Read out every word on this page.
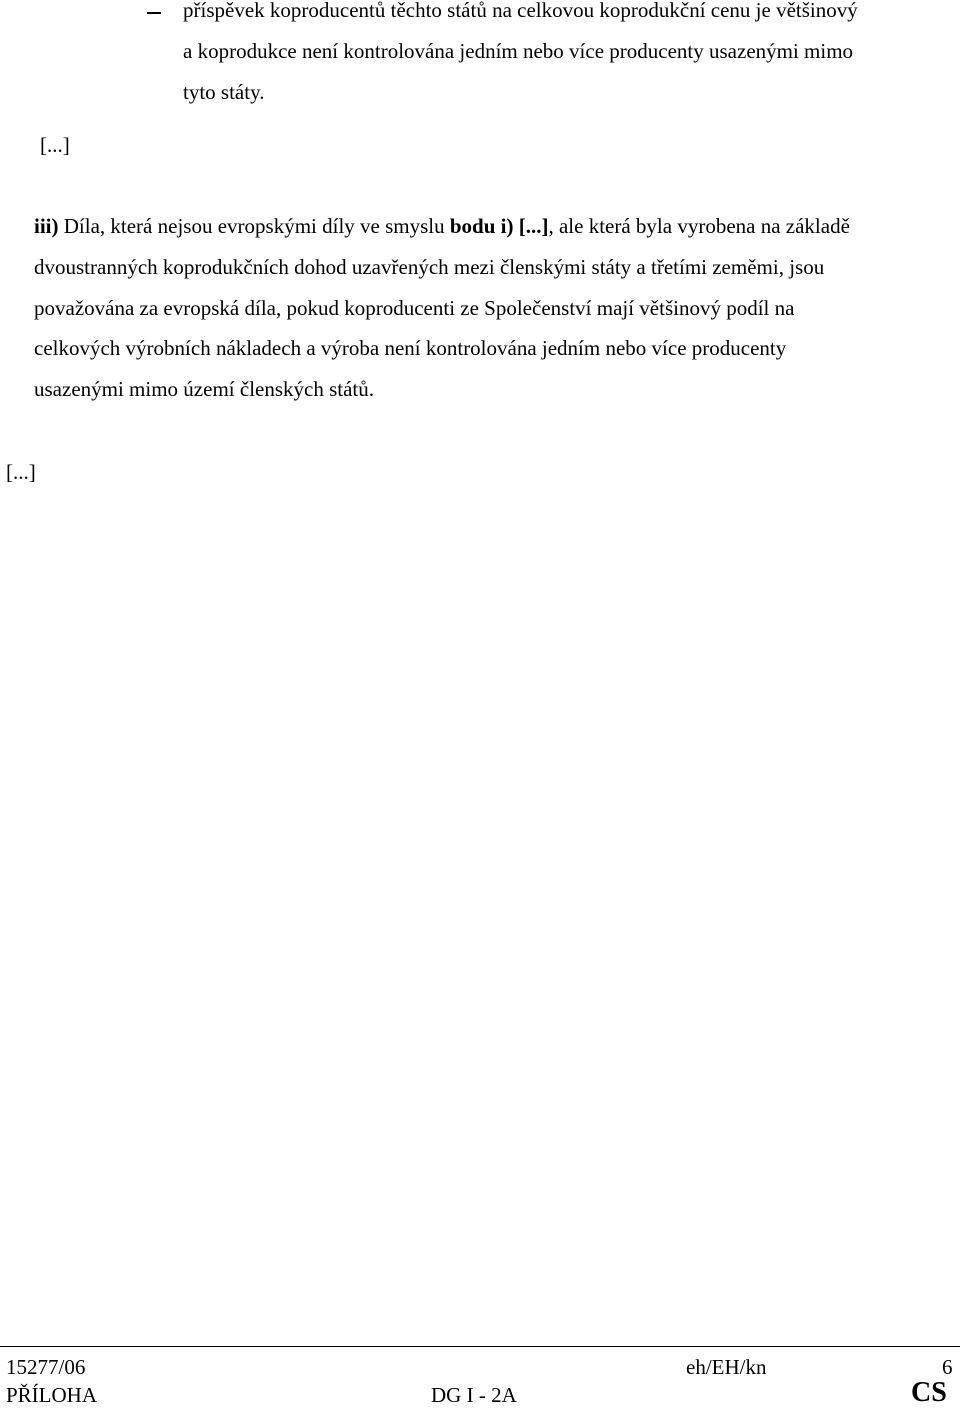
příspěvek koproducentů těchto států na celkovou koprodukční cenu je většinový
a koprodukce není kontrolována jedním nebo více producenty usazenými mimo
tyto státy.
[...]
iii) Díla, která nejsou evropskými díly ve smyslu bodu i) [...], ale která byla vyrobena na základě
dvoustranných koprodukčních dohod uzavřených mezi členskými státy a třetími zeměmi, jsou
považována za evropská díla, pokud koproducenti ze Společenství mají většinový podíl na
celkových výrobních nákladech a výroba není kontrolována jedním nebo více producenty
usazenými mimo území členských států.
[...]
15277/06	eh/EH/kn	6
PŘÍLOHA	DG I - 2A	CS
